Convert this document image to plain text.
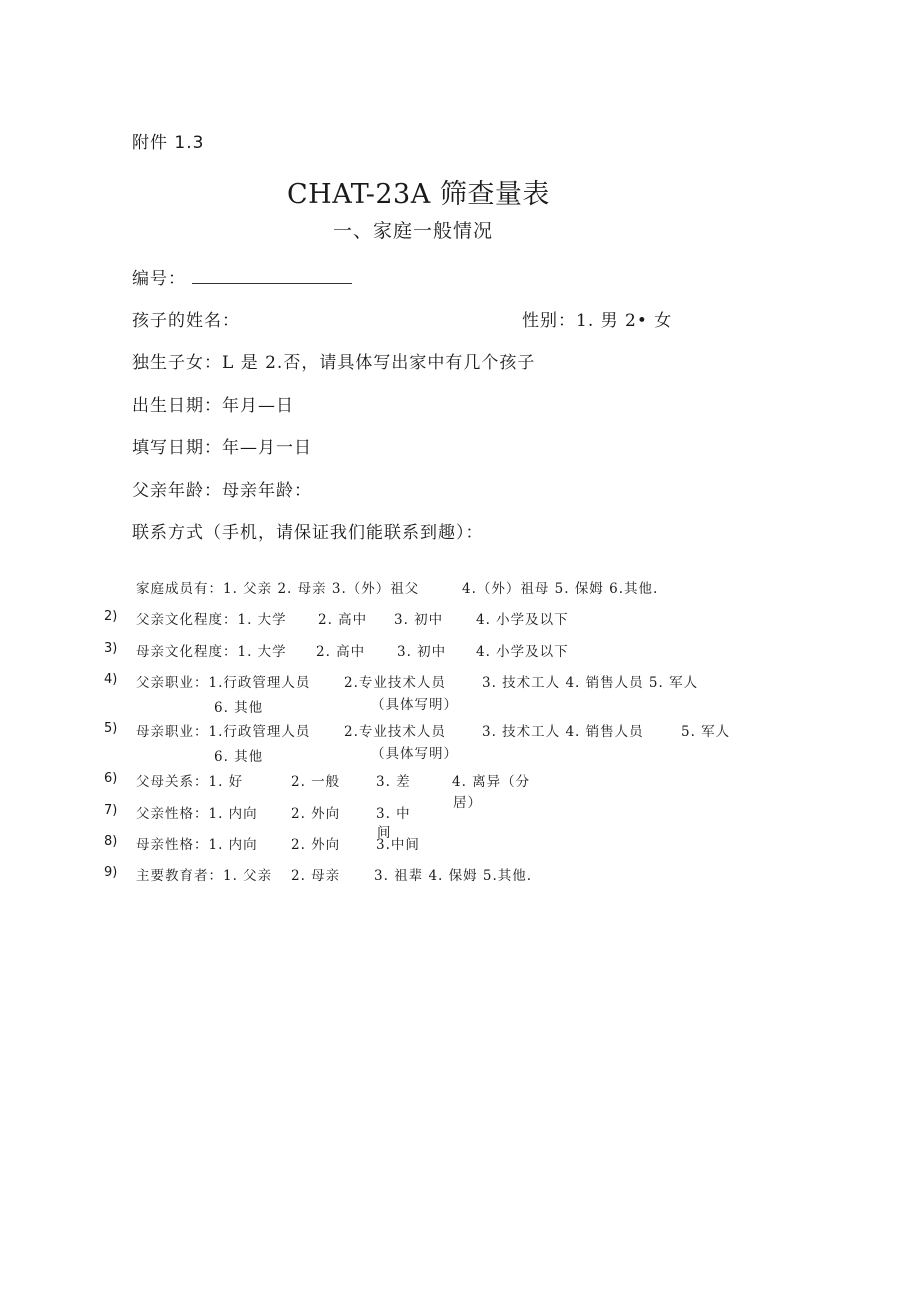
附件 1.3
CHAT-23A 筛查量表
一、家庭一般情况
编号：
孩子的姓名：	性别：1. 男 2• 女
独生子女：L 是 2.否，请具体写出家中有几个孩子
出生日期：年月—日
填写日期：年—月一日
父亲年龄：母亲年龄：
联系方式（手机，请保证我们能联系到趣）：
家庭成员有：1. 父亲 2. 母亲 3.（外）祖父	4.（外）祖母 5. 保姆 6.其他.
2) 父亲文化程度：1. 大学 2. 高中 3. 初中 4. 小学及以下
3) 母亲文化程度：1. 大学 2. 高中 3. 初中 4. 小学及以下
4) 父亲职业：1.行政管理人员 2.专业技术人员	3. 技术工人 4. 销售人员 5. 军人
（具体写明）
6. 其他
5) 母亲职业：1.行政管理人员 2.专业技术人员	3. 技术工人 4. 销售人员	5. 军人
（具体写明）
6. 其他
6) 父母关系：1. 好	2. 一般	3. 差	4. 离异（分
居）
7) 父亲性格：1. 内向 2. 外向	3. 中
间
8) 母亲性格：1. 内向 2. 外向	3.中间
9) 主要教育者：1. 父亲 2. 母亲	3. 祖辈 4. 保姆 5.其他.
